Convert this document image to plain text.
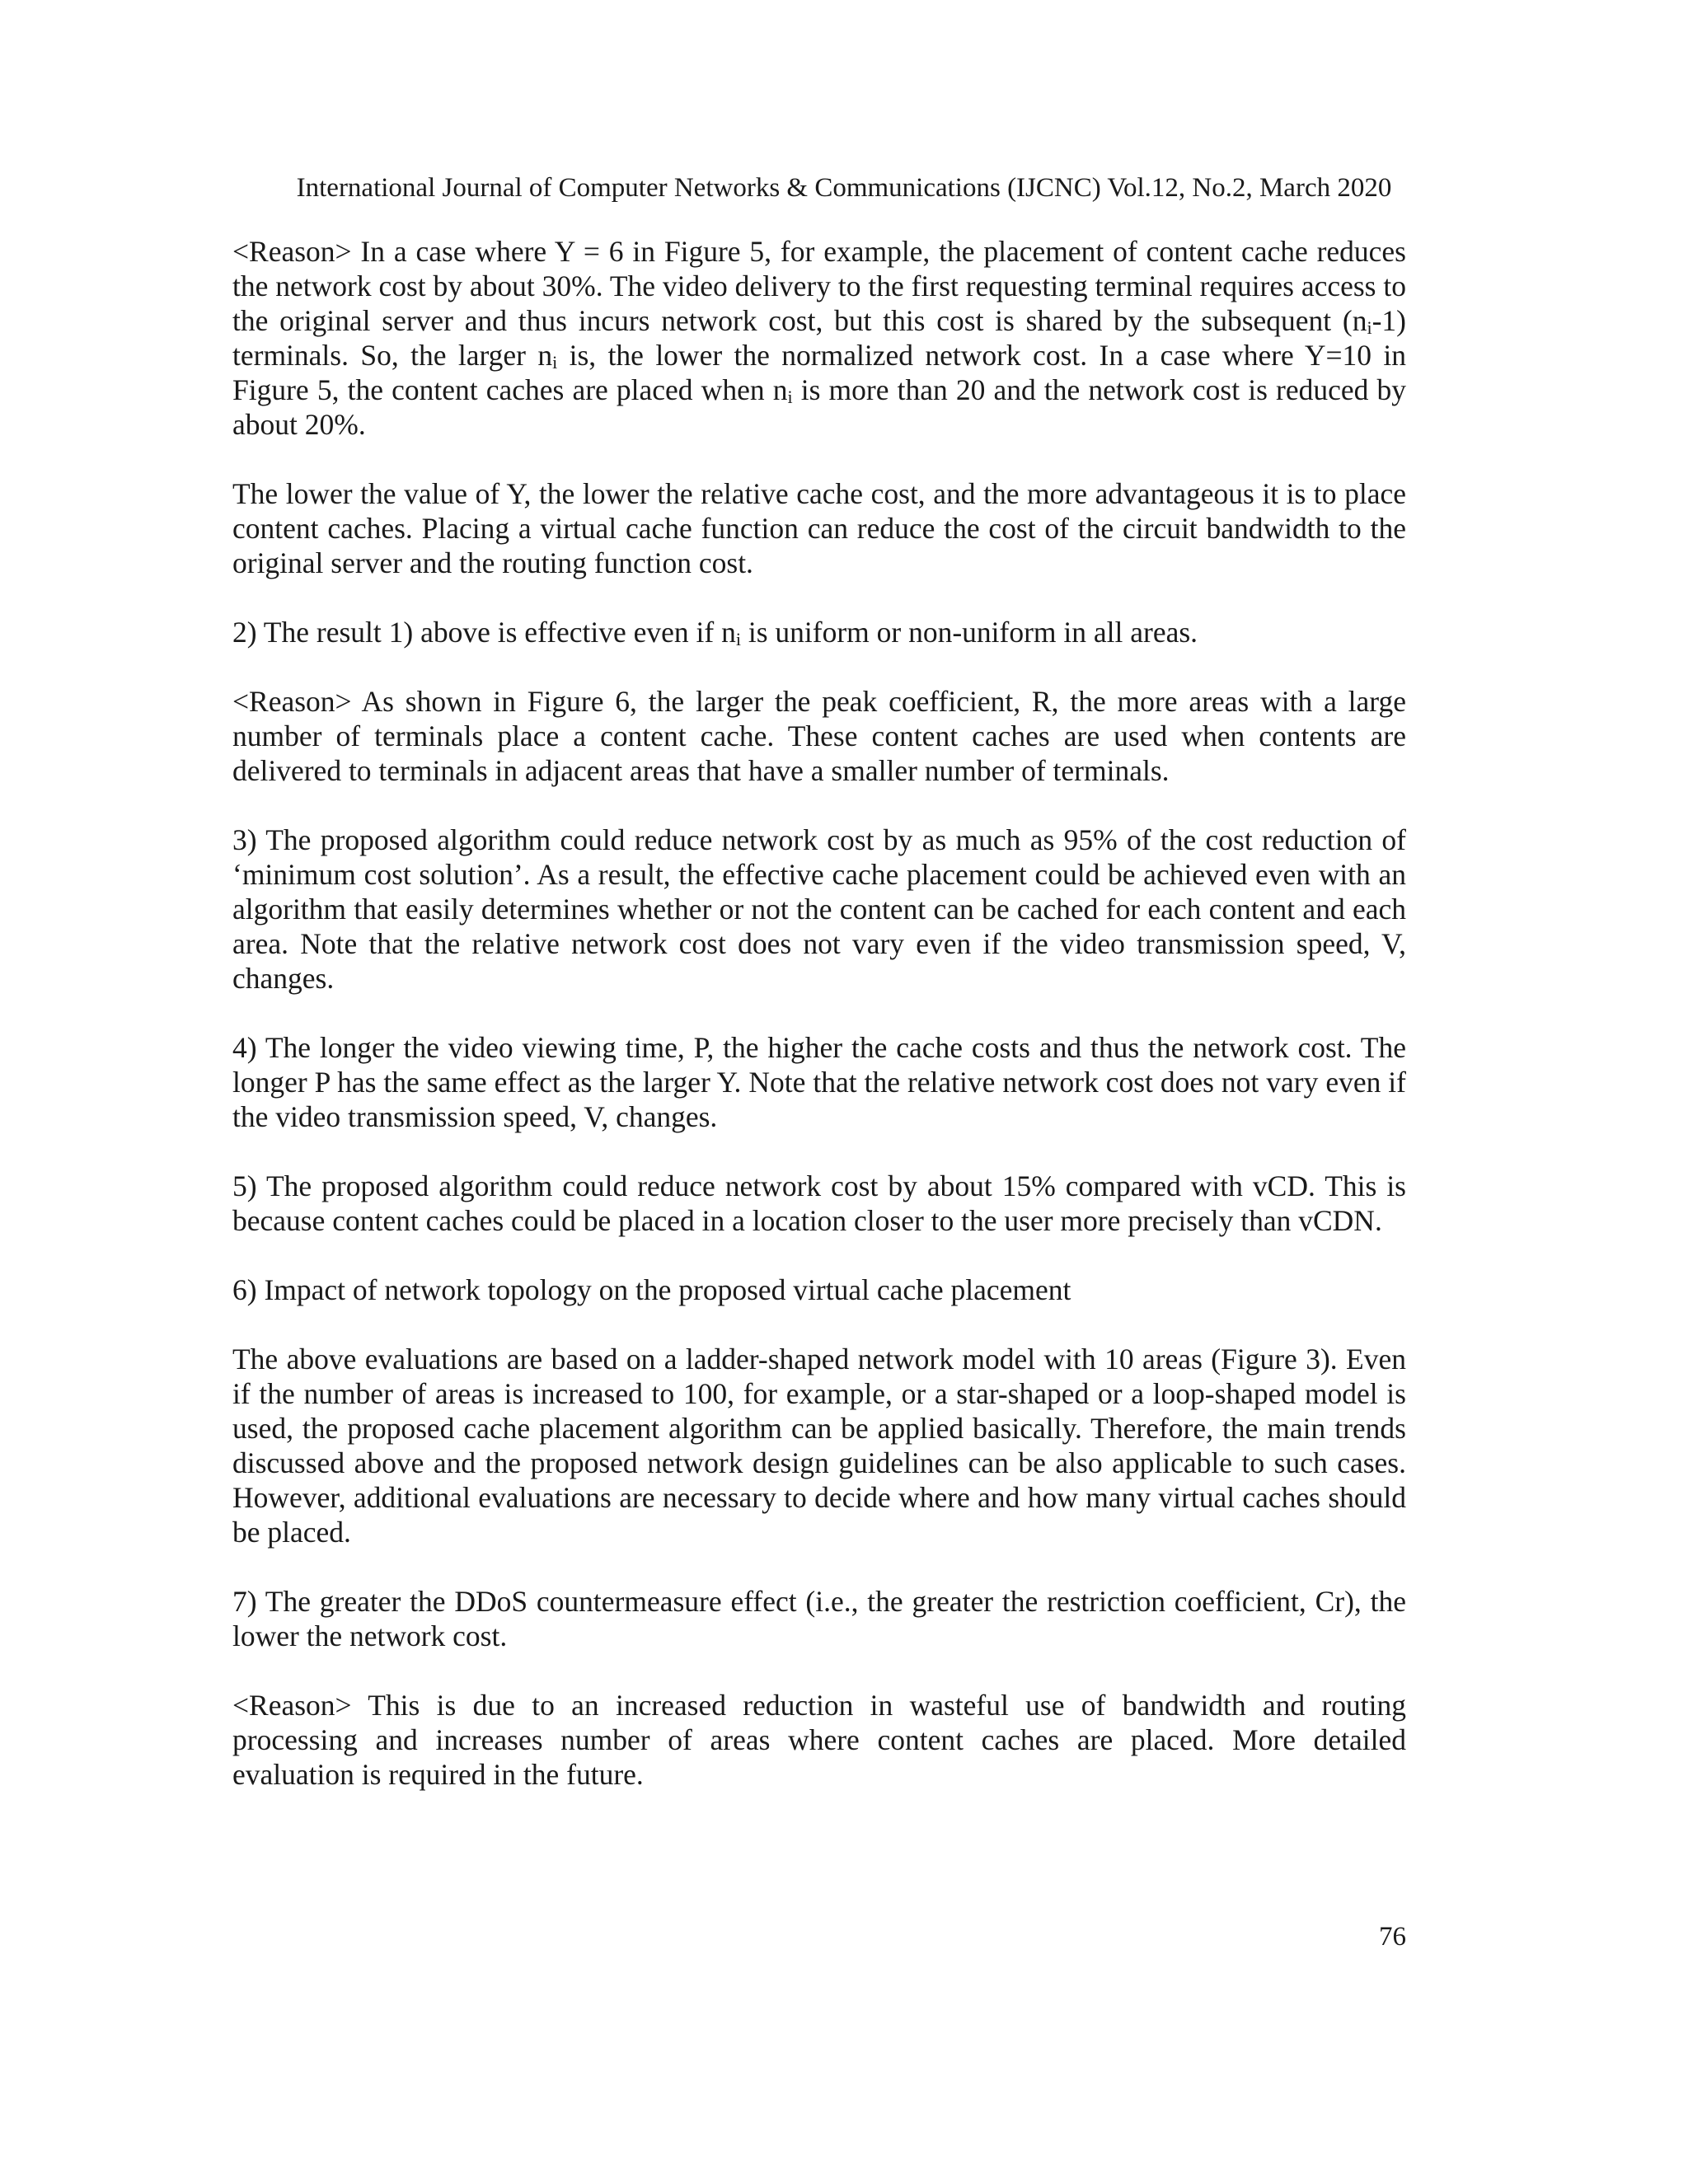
International Journal of Computer Networks & Communications (IJCNC) Vol.12, No.2, March 2020

<Reason> In a case where Y = 6 in Figure 5, for example, the placement of content cache reduces the network cost by about 30%. The video delivery to the first requesting terminal requires access to the original server and thus incurs network cost, but this cost is shared by the subsequent $(n_i-1)$ terminals. So, the larger $n_i$ is, the lower the normalized network cost. In a case where Y=10 in Figure 5, the content caches are placed when $n_i$ is more than 20 and the network cost is reduced by about 20%.

The lower the value of Y, the lower the relative cache cost, and the more advantageous it is to place content caches. Placing a virtual cache function can reduce the cost of the circuit bandwidth to the original server and the routing function cost.

2) The result 1) above is effective even if $n_i$ is uniform or non-uniform in all areas.

<Reason> As shown in Figure 6, the larger the peak coefficient, R, the more areas with a large number of terminals place a content cache. These content caches are used when contents are delivered to terminals in adjacent areas that have a smaller number of terminals.

3) The proposed algorithm could reduce network cost by as much as 95% of the cost reduction of ‘minimum cost solution’. As a result, the effective cache placement could be achieved even with an algorithm that easily determines whether or not the content can be cached for each content and each area. Note that the relative network cost does not vary even if the video transmission speed, V, changes.

4) The longer the video viewing time, P, the higher the cache costs and thus the network cost. The longer P has the same effect as the larger Y. Note that the relative network cost does not vary even if the video transmission speed, V, changes.

5) The proposed algorithm could reduce network cost by about 15% compared with vCD. This is because content caches could be placed in a location closer to the user more precisely than vCDN.

6) Impact of network topology on the proposed virtual cache placement

The above evaluations are based on a ladder-shaped network model with 10 areas (Figure 3). Even if the number of areas is increased to 100, for example, or a star-shaped or a loop-shaped model is used, the proposed cache placement algorithm can be applied basically. Therefore, the main trends discussed above and the proposed network design guidelines can be also applicable to such cases. However, additional evaluations are necessary to decide where and how many virtual caches should be placed.

7) The greater the DDoS countermeasure effect (i.e., the greater the restriction coefficient, Cr), the lower the network cost.

<Reason> This is due to an increased reduction in wasteful use of bandwidth and routing processing and increases number of areas where content caches are placed. More detailed evaluation is required in the future.

76
